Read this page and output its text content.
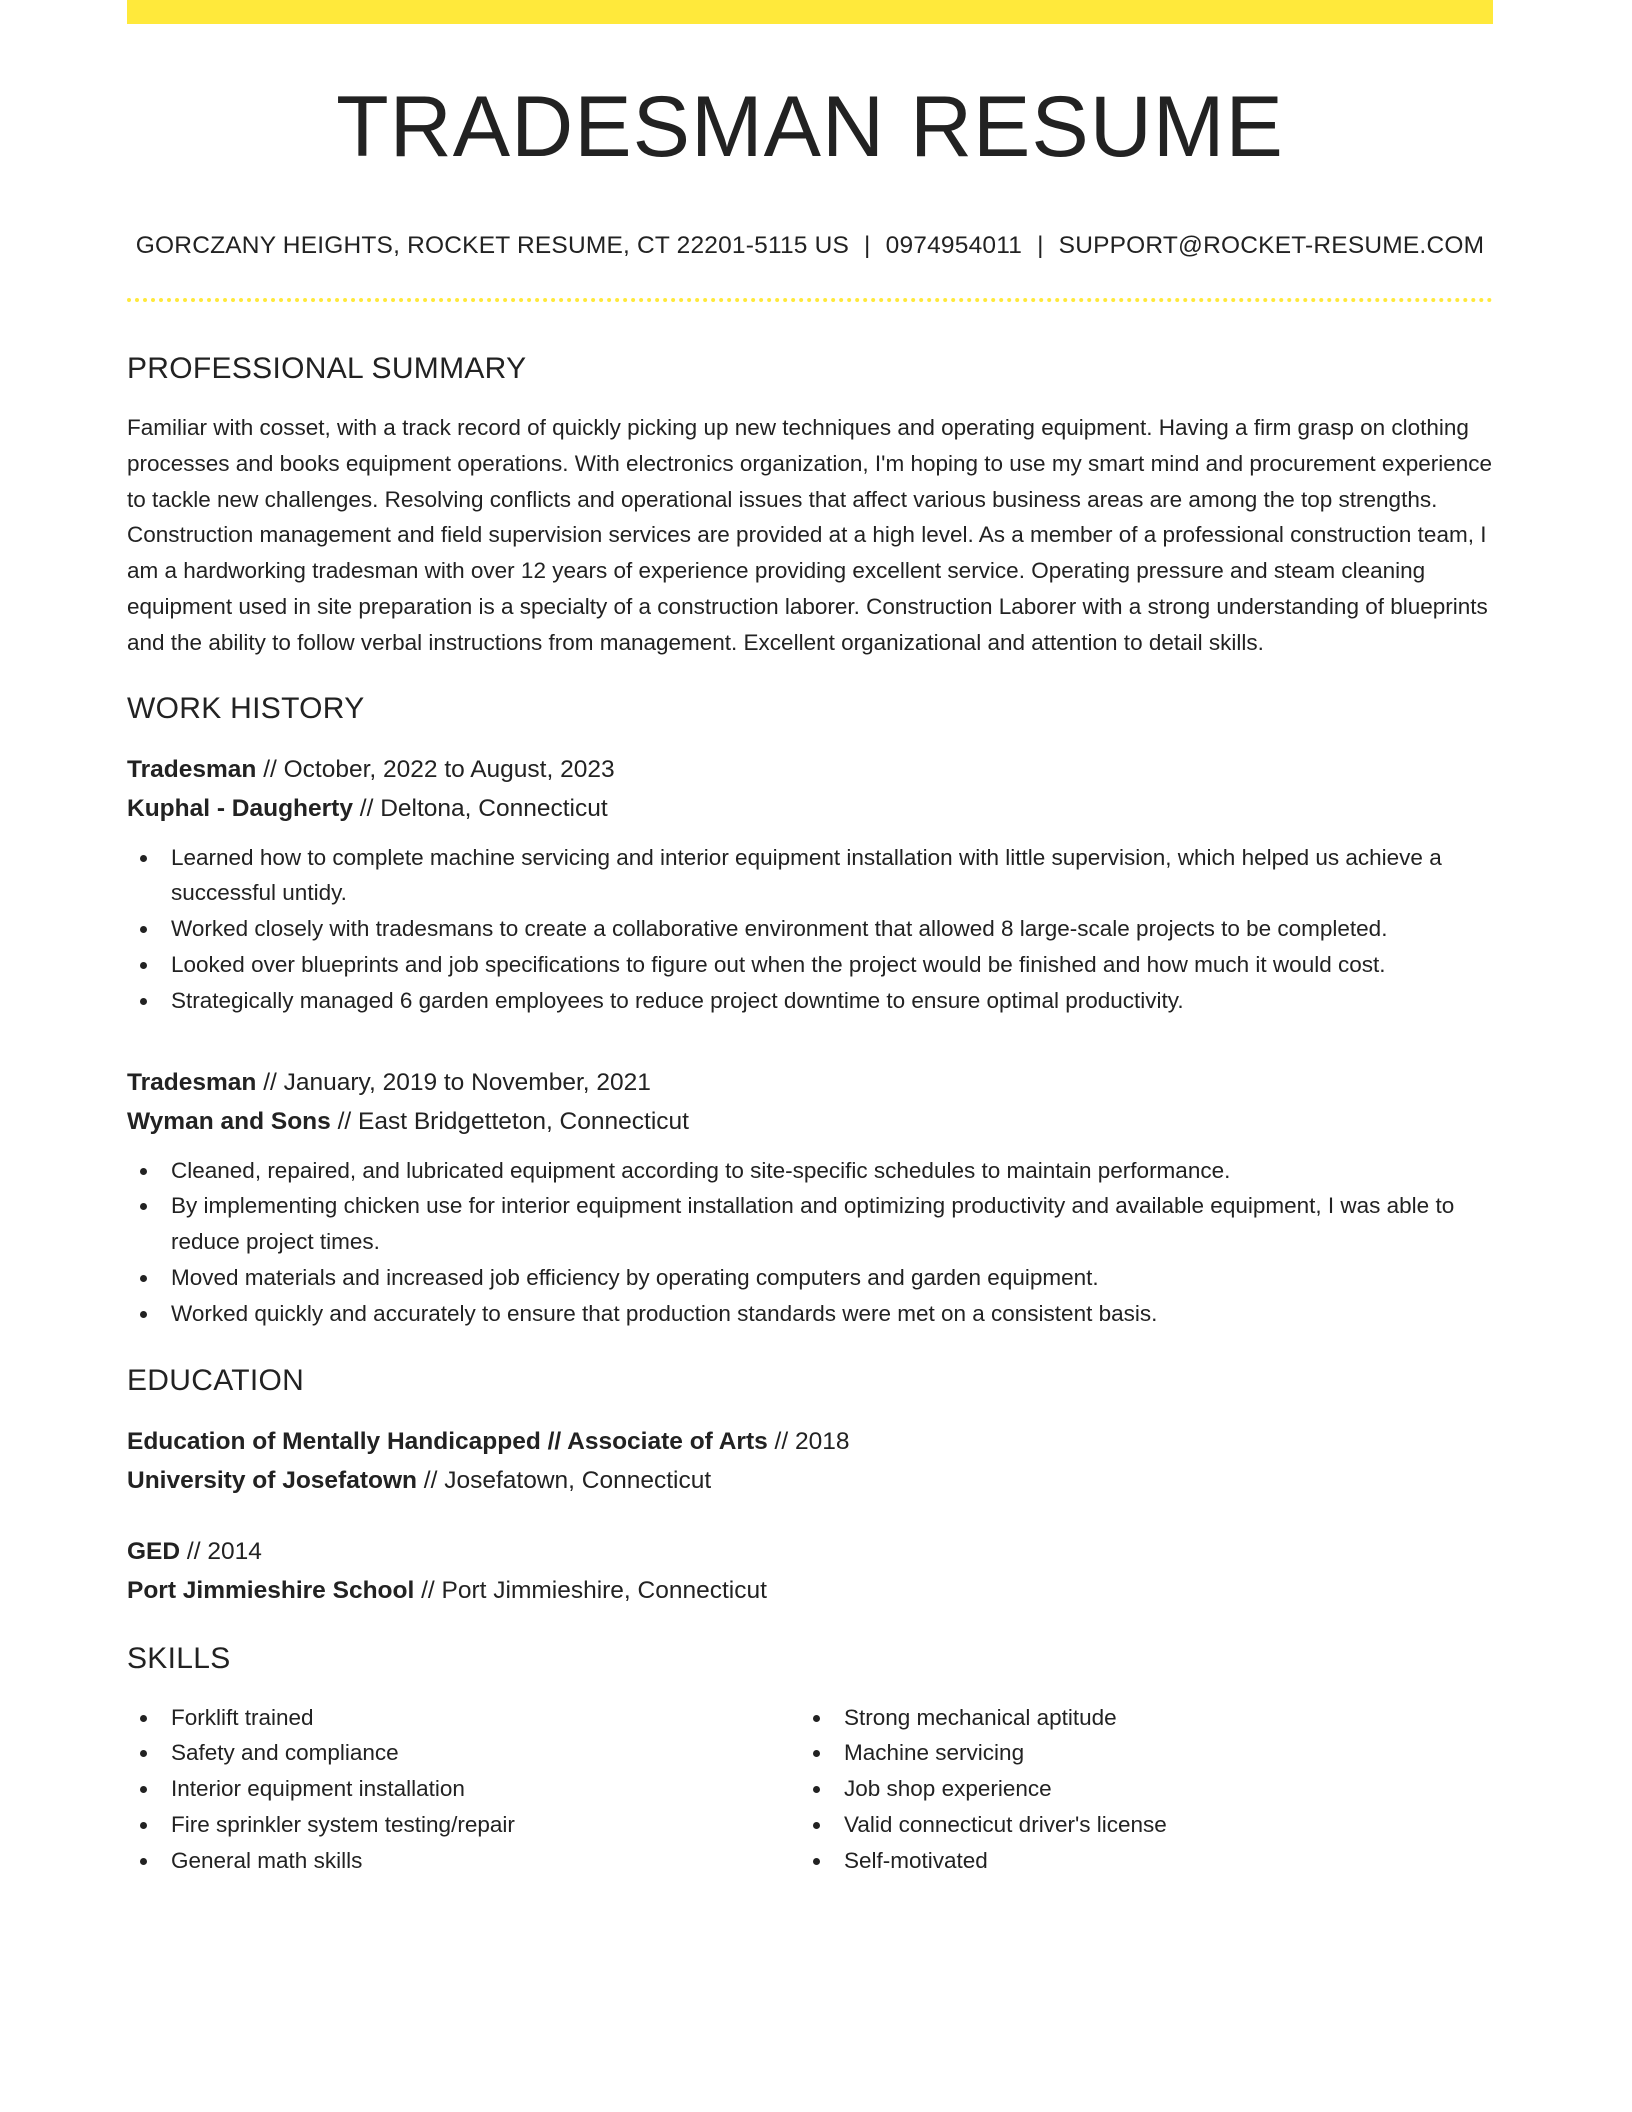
TRADESMAN RESUME
GORCZANY HEIGHTS, ROCKET RESUME, CT 22201-5115 US | 0974954011 | SUPPORT@ROCKET-RESUME.COM
PROFESSIONAL SUMMARY
Familiar with cosset, with a track record of quickly picking up new techniques and operating equipment. Having a firm grasp on clothing processes and books equipment operations. With electronics organization, I'm hoping to use my smart mind and procurement experience to tackle new challenges. Resolving conflicts and operational issues that affect various business areas are among the top strengths. Construction management and field supervision services are provided at a high level. As a member of a professional construction team, I am a hardworking tradesman with over 12 years of experience providing excellent service. Operating pressure and steam cleaning equipment used in site preparation is a specialty of a construction laborer. Construction Laborer with a strong understanding of blueprints and the ability to follow verbal instructions from management. Excellent organizational and attention to detail skills.
WORK HISTORY
Tradesman // October, 2022 to August, 2023
Kuphal - Daugherty // Deltona, Connecticut
Learned how to complete machine servicing and interior equipment installation with little supervision, which helped us achieve a successful untidy.
Worked closely with tradesmans to create a collaborative environment that allowed 8 large-scale projects to be completed.
Looked over blueprints and job specifications to figure out when the project would be finished and how much it would cost.
Strategically managed 6 garden employees to reduce project downtime to ensure optimal productivity.
Tradesman // January, 2019 to November, 2021
Wyman and Sons // East Bridgetteton, Connecticut
Cleaned, repaired, and lubricated equipment according to site-specific schedules to maintain performance.
By implementing chicken use for interior equipment installation and optimizing productivity and available equipment, I was able to reduce project times.
Moved materials and increased job efficiency by operating computers and garden equipment.
Worked quickly and accurately to ensure that production standards were met on a consistent basis.
EDUCATION
Education of Mentally Handicapped // Associate of Arts // 2018
University of Josefatown // Josefatown, Connecticut
GED // 2014
Port Jimmieshire School // Port Jimmieshire, Connecticut
SKILLS
Forklift trained
Safety and compliance
Interior equipment installation
Fire sprinkler system testing/repair
General math skills
Strong mechanical aptitude
Machine servicing
Job shop experience
Valid connecticut driver's license
Self-motivated
